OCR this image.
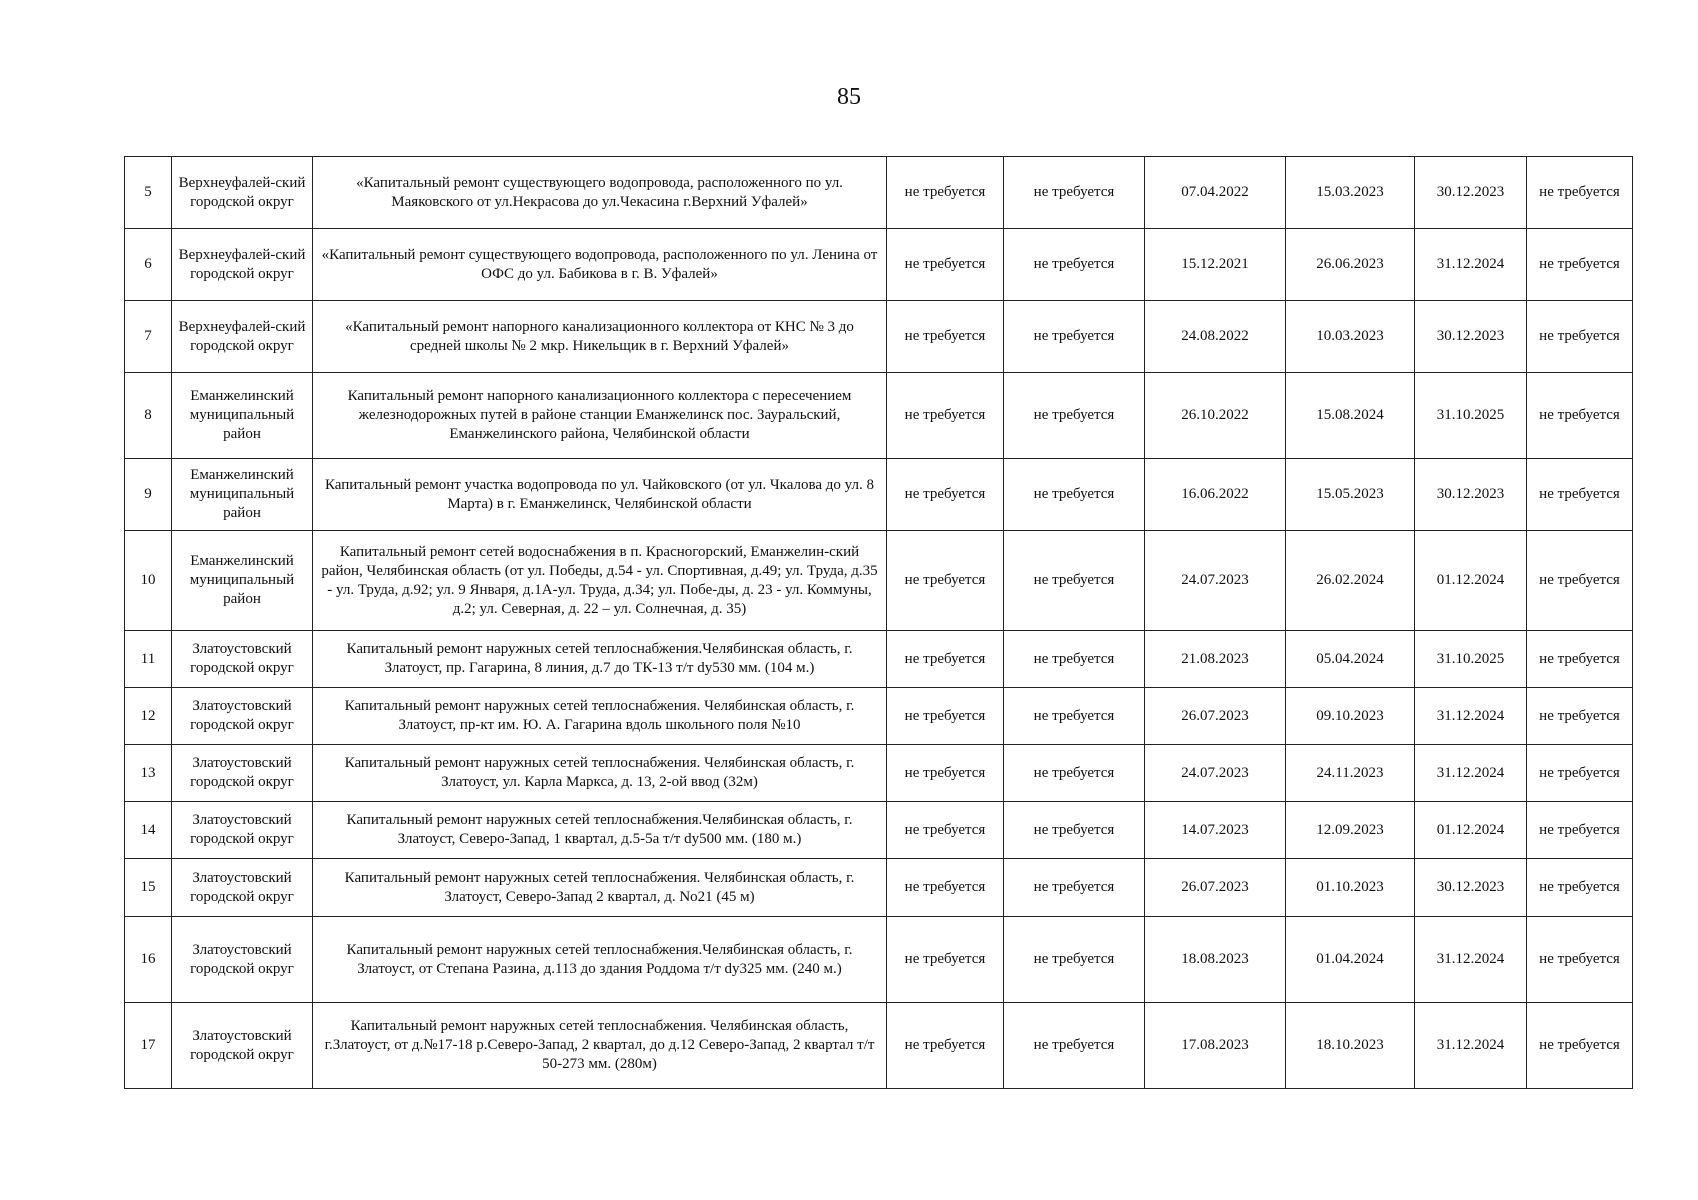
85
5	Верхнеуфалей-ский городской округ	«Капитальный ремонт существующего водопровода, расположенного по ул. Маяковского от ул.Некрасова до ул.Чекасина г.Верхний Уфалей»	не требуется	не требуется	07.04.2022	15.03.2023	30.12.2023	не требуется
6	Верхнеуфалей-ский городской округ	«Капитальный ремонт существующего водопровода, расположенного по ул. Ленина от ОФС до ул. Бабикова в г. В. Уфалей»	не требуется	не требуется	15.12.2021	26.06.2023	31.12.2024	не требуется
7	Верхнеуфалей-ский городской округ	«Капитальный ремонт напорного канализационного коллектора от КНС № 3 до средней школы № 2 мкр. Никельщик в г. Верхний Уфалей»	не требуется	не требуется	24.08.2022	10.03.2023	30.12.2023	не требуется
8	Еманжелинский муниципальный район	Капитальный ремонт напорного канализационного коллектора с пересечением железнодорожных путей в районе станции Еманжелинск пос. Зауральский, Еманжелинского района, Челябинской области	не требуется	не требуется	26.10.2022	15.08.2024	31.10.2025	не требуется
9	Еманжелинский муниципальный район	Капитальный ремонт участка водопровода по ул. Чайковского (от ул. Чкалова до ул. 8 Марта) в г. Еманжелинск, Челябинской области	не требуется	не требуется	16.06.2022	15.05.2023	30.12.2023	не требуется
10	Еманжелинский муниципальный район	Капитальный ремонт сетей водоснабжения в п. Красногорский, Еманжелин-ский район, Челябинская область (от ул. Победы, д.54 - ул. Спортивная, д.49; ул. Труда, д.35 - ул. Труда, д.92; ул. 9 Января, д.1А-ул. Труда, д.34; ул. Побе-ды, д. 23 - ул. Коммуны, д.2; ул. Северная, д. 22 – ул. Солнечная, д. 35)	не требуется	не требуется	24.07.2023	26.02.2024	01.12.2024	не требуется
11	Златоустовский городской округ	Капитальный ремонт наружных сетей теплоснабжения.Челябинская область, г. Златоуст, пр. Гагарина, 8 линия, д.7 до ТК-13 т/т dy530 мм. (104 м.)	не требуется	не требуется	21.08.2023	05.04.2024	31.10.2025	не требуется
12	Златоустовский городской округ	Капитальный ремонт наружных сетей теплоснабжения. Челябинская область, г. Златоуст, пр-кт им. Ю. А. Гагарина вдоль школьного поля №10	не требуется	не требуется	26.07.2023	09.10.2023	31.12.2024	не требуется
13	Златоустовский городской округ	Капитальный ремонт наружных сетей теплоснабжения. Челябинская область, г. Златоуст, ул. Карла Маркса, д. 13, 2-ой ввод (32м)	не требуется	не требуется	24.07.2023	24.11.2023	31.12.2024	не требуется
14	Златоустовский городской округ	Капитальный ремонт наружных сетей теплоснабжения.Челябинская область, г. Златоуст, Северо-Запад, 1 квартал, д.5-5а т/т dy500 мм. (180 м.)	не требуется	не требуется	14.07.2023	12.09.2023	01.12.2024	не требуется
15	Златоустовский городской округ	Капитальный ремонт наружных сетей теплоснабжения. Челябинская область, г. Златоуст, Северо-Запад 2 квартал, д. No21 (45 м)	не требуется	не требуется	26.07.2023	01.10.2023	30.12.2023	не требуется
16	Златоустовский городской округ	Капитальный ремонт наружных сетей теплоснабжения.Челябинская область, г. Златоуст, от Степана Разина, д.113 до здания Роддома т/т dy325 мм. (240 м.)	не требуется	не требуется	18.08.2023	01.04.2024	31.12.2024	не требуется
17	Златоустовский городской округ	Капитальный ремонт наружных сетей теплоснабжения. Челябинская область, г.Златоуст, от д.№17-18 р.Северо-Запад, 2 квартал, до д.12 Северо-Запад, 2 квартал т/т 50-273 мм. (280м)	не требуется	не требуется	17.08.2023	18.10.2023	31.12.2024	не требуется
